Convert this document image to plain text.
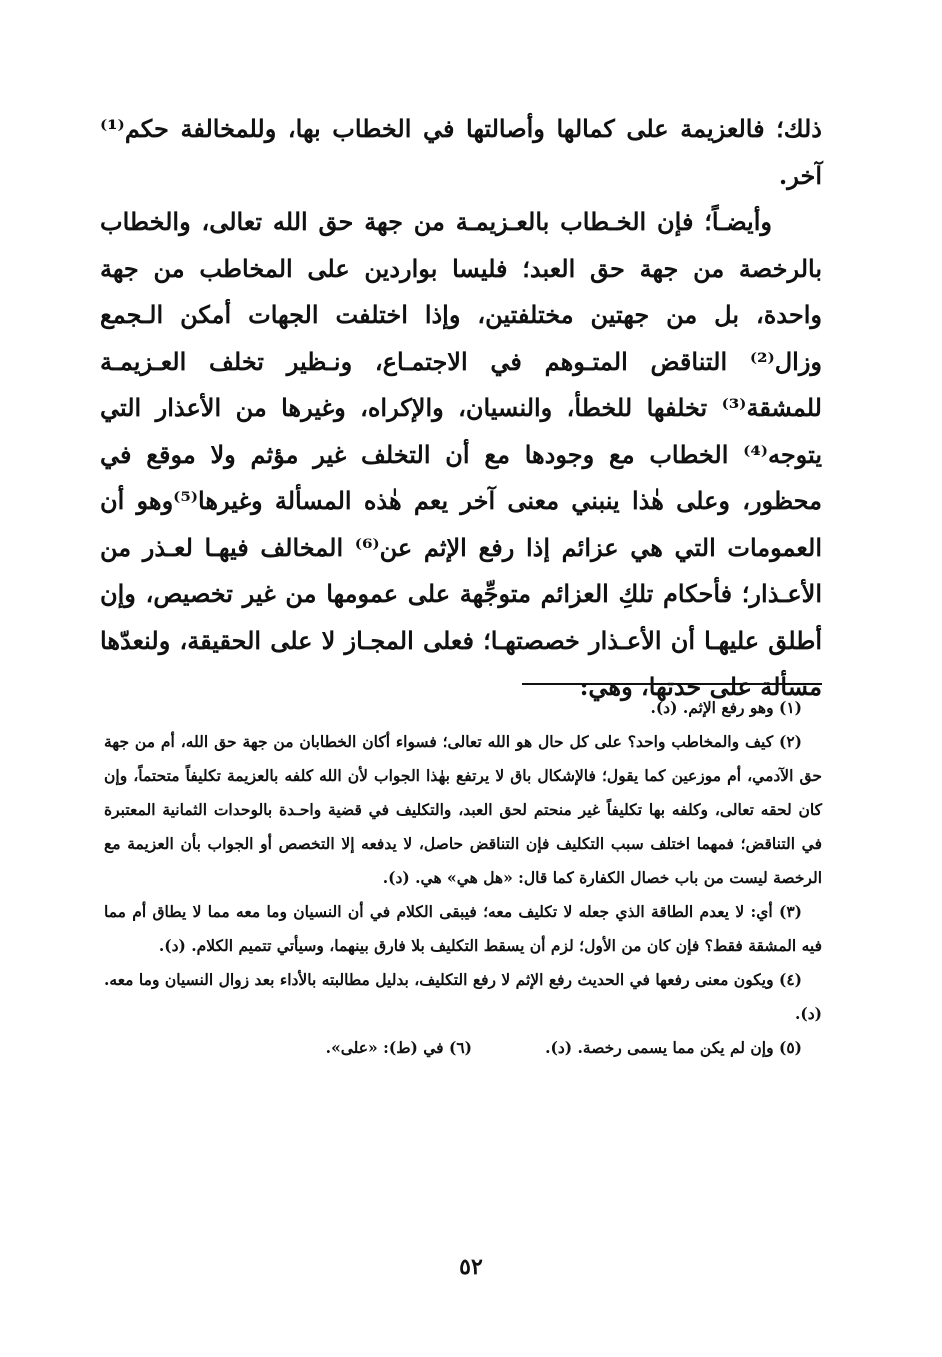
ذلك؛ فالعزيمة على كمالها وأصالتها في الخطاب بها، وللمخالفة حكم⁽¹⁾ آخر.

وأيضـاً؛ فإن الخـطاب بالعـزيمـة من جهة حق الله تعالى، والخطاب بالرخصة من جهة حق العبد؛ فليسا بواردين على المخاطب من جهة واحدة، بل من جهتين مختلفتين، وإذا اختلفت الجهات أمكن الـجمع وزال⁽²⁾ التناقض المتـوهم في الاجتمـاع، ونـظير تخلف العـزيمـة للمشقة⁽³⁾ تخلفها للخطأ، والنسيان، والإكراه، وغيرها من الأعذار التي يتوجه⁽⁴⁾ الخطاب مع وجودها مع أن التخلف غير مؤثم ولا موقع في محظور، وعلى هٰذا ينبني معنى آخر يعم هٰذه المسألة وغيرها⁽⁵⁾وهو أن العمومات التي هي عزائم إذا رفع الإثم عن⁽⁶⁾ المخالف فيهـا لعـذر من الأعـذار؛ فأحكام تلكِ العزائم متوجِّهة على عمومها من غير تخصيص، وإن أطلق عليهـا أن الأعـذار خصصتهـا؛ فعلى المجـاز لا على الحقيقة، ولنعدّها مسألة على حدتها، وهي:

(١) وهو رفع الإثم. (د).

(٢) كيف والمخاطب واحد؟ على كل حال هو الله تعالى؛ فسواء أكان الخطابان من جهة حق الله، أم من جهة حق الآدمي، أم موزعين كما يقول؛ فالإشكال باق لا يرتفع بهٰذا الجواب لأن الله كلفه بالعزيمة تكليفاً متحتماً، وإن كان لحقه تعالى، وكلفه بها تكليفاً غير منحتم لحق العبد، والتكليف في قضية واحـدة بالوحدات الثمانية المعتبرة في التناقض؛ فمهما اختلف سبب التكليف فإن التناقض حاصل، لا يدفعه إلا التخصص أو الجواب بأن العزيمة مع الرخصة ليست من باب خصال الكفارة كما قال: «هل هي» هي. (د).

(٣) أي: لا يعدم الطاقة الذي جعله لا تكليف معه؛ فيبقى الكلام في أن النسيان وما معه مما لا يطاق أم مما فيه المشقة فقط؟ فإن كان من الأول؛ لزم أن يسقط التكليف بلا فارق بينهما، وسيأتي تتميم الكلام. (د).

(٤) ويكون معنى رفعها في الحديث رفع الإثم لا رفع التكليف، بدليل مطالبته بالأداء بعد زوال النسيان وما معه. (د).

(٥) وإن لم يكن مما يسمى رخصة. (د).
(٦) في (ط): «على».
٥٢
